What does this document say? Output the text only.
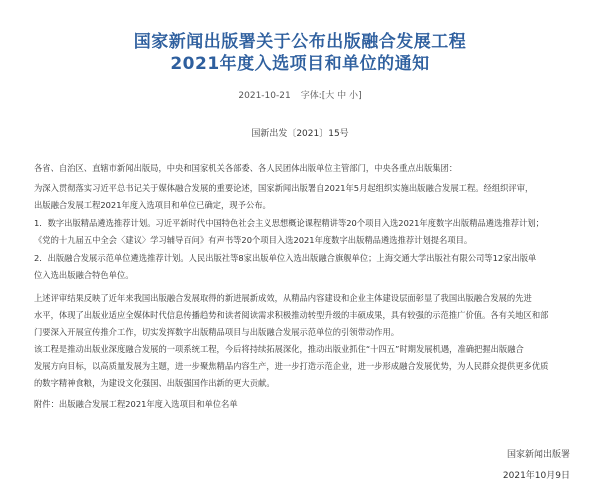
国家新闻出版署关于公布出版融合发展工程
2021年度入选项目和单位的通知
2021-10-21 字体:[大 中 小]
国新出发〔2021〕15号
各省、自治区、直辖市新闻出版局，中央和国家机关各部委、各人民团体出版单位主管部门，中央各重点出版集团：
为深入贯彻落实习近平总书记关于媒体融合发展的重要论述，国家新闻出版署自2021年5月起组织实施出版融合发展工程。经组织评审，
出版融合发展工程2021年度入选项目和单位已确定，现予公布。
1．数字出版精品遴选推荐计划。习近平新时代中国特色社会主义思想概论课程精讲等20个项目入选2021年度数字出版精品遴选推荐计划；
《党的十九届五中全会〈建议〉学习辅导百问》有声书等20个项目入选2021年度数字出版精品遴选推荐计划提名项目。
2．出版融合发展示范单位遴选推荐计划。人民出版社等8家出版单位入选出版融合旗舰单位；上海交通大学出版社有限公司等12家出版单
位入选出版融合特色单位。
上述评审结果反映了近年来我国出版融合发展取得的新进展新成效，从精品内容建设和企业主体建设层面彰显了我国出版融合发展的先进
水平，体现了出版业适应全媒体时代信息传播趋势和读者阅读需求积极推动转型升级的丰硕成果，具有较强的示范推广价值。各有关地区和部
门要深入开展宣传推介工作，切实发挥数字出版精品项目与出版融合发展示范单位的引领带动作用。
该工程是推动出版业深度融合发展的一项系统工程，今后将持续拓展深化，推动出版业抓住“十四五”时期发展机遇，准确把握出版融合
发展方向目标，以高质量发展为主题，进一步聚焦精品内容生产，进一步打造示范企业，进一步形成融合发展优势，为人民群众提供更多优质
的数字精神食粮，为建设文化强国、出版强国作出新的更大贡献。
附件：出版融合发展工程2021年度入选项目和单位名单
国家新闻出版署
2021年10月9日
